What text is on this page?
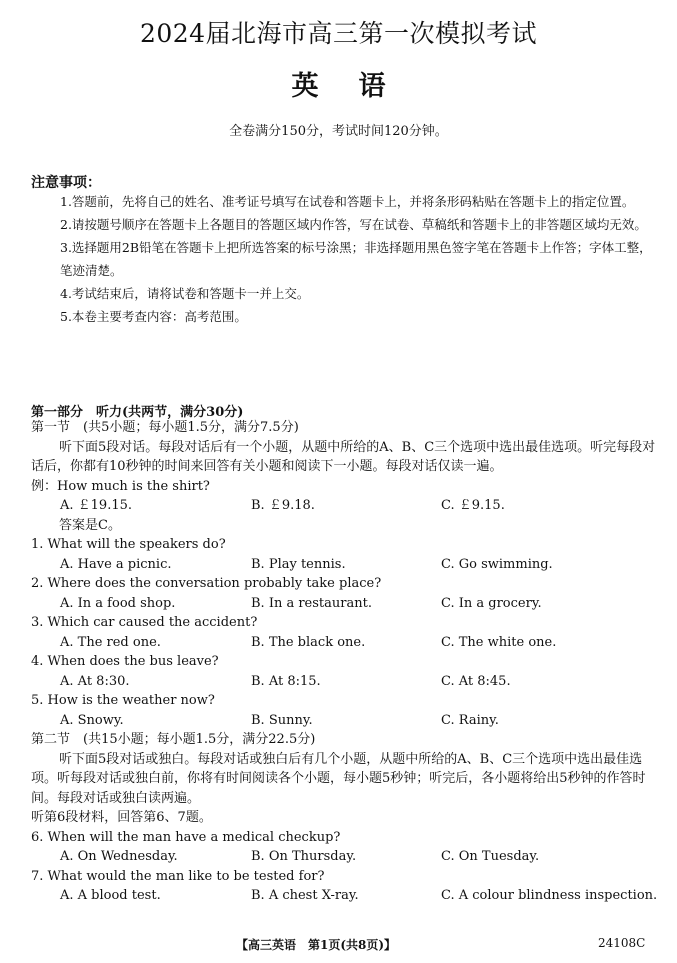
2024届北海市高三第一次模拟考试
英语
全卷满分150分，考试时间120分钟。
注意事项：
1.答题前，先将自己的姓名、准考证号填写在试卷和答题卡上，并将条形码粘贴在答题卡上的指定位置。
2.请按题号顺序在答题卡上各题目的答题区域内作答，写在试卷、草稿纸和答题卡上的非答题区域均无效。
3.选择题用2B铅笔在答题卡上把所选答案的标号涂黑；非选择题用黑色签字笔在答题卡上作答；字体工整，笔迹清楚。
4.考试结束后，请将试卷和答题卡一并上交。
5.本卷主要考查内容：高考范围。
第一部分　听力(共两节，满分30分)
第一节　(共5小题；每小题1.5分，满分7.5分)
听下面5段对话。每段对话后有一个小题，从题中所给的A、B、C三个选项中选出最佳选项。听完每段对话后，你都有10秒钟的时间来回答有关小题和阅读下一小题。每段对话仅读一遍。
例：How much is the shirt?
A. ￡19.15.	B. ￡9.18.	C. ￡9.15.
答案是C。
1. What will the speakers do?
A. Have a picnic.	B. Play tennis.	C. Go swimming.
2. Where does the conversation probably take place?
A. In a food shop.	B. In a restaurant.	C. In a grocery.
3. Which car caused the accident?
A. The red one.	B. The black one.	C. The white one.
4. When does the bus leave?
A. At 8:30.	B. At 8:15.	C. At 8:45.
5. How is the weather now?
A. Snowy.	B. Sunny.	C. Rainy.
第二节　(共15小题；每小题1.5分，满分22.5分)
听下面5段对话或独白。每段对话或独白后有几个小题，从题中所给的A、B、C三个选项中选出最佳选项。听每段对话或独白前，你将有时间阅读各个小题，每小题5秒钟；听完后，各小题将给出5秒钟的作答时间。每段对话或独白读两遍。
听第6段材料，回答第6、7题。
6. When will the man have a medical checkup?
A. On Wednesday.	B. On Thursday.	C. On Tuesday.
7. What would the man like to be tested for?
A. A blood test.	B. A chest X-ray.	C. A colour blindness inspection.
【高三英语　第1页(共8页)】	24108C
